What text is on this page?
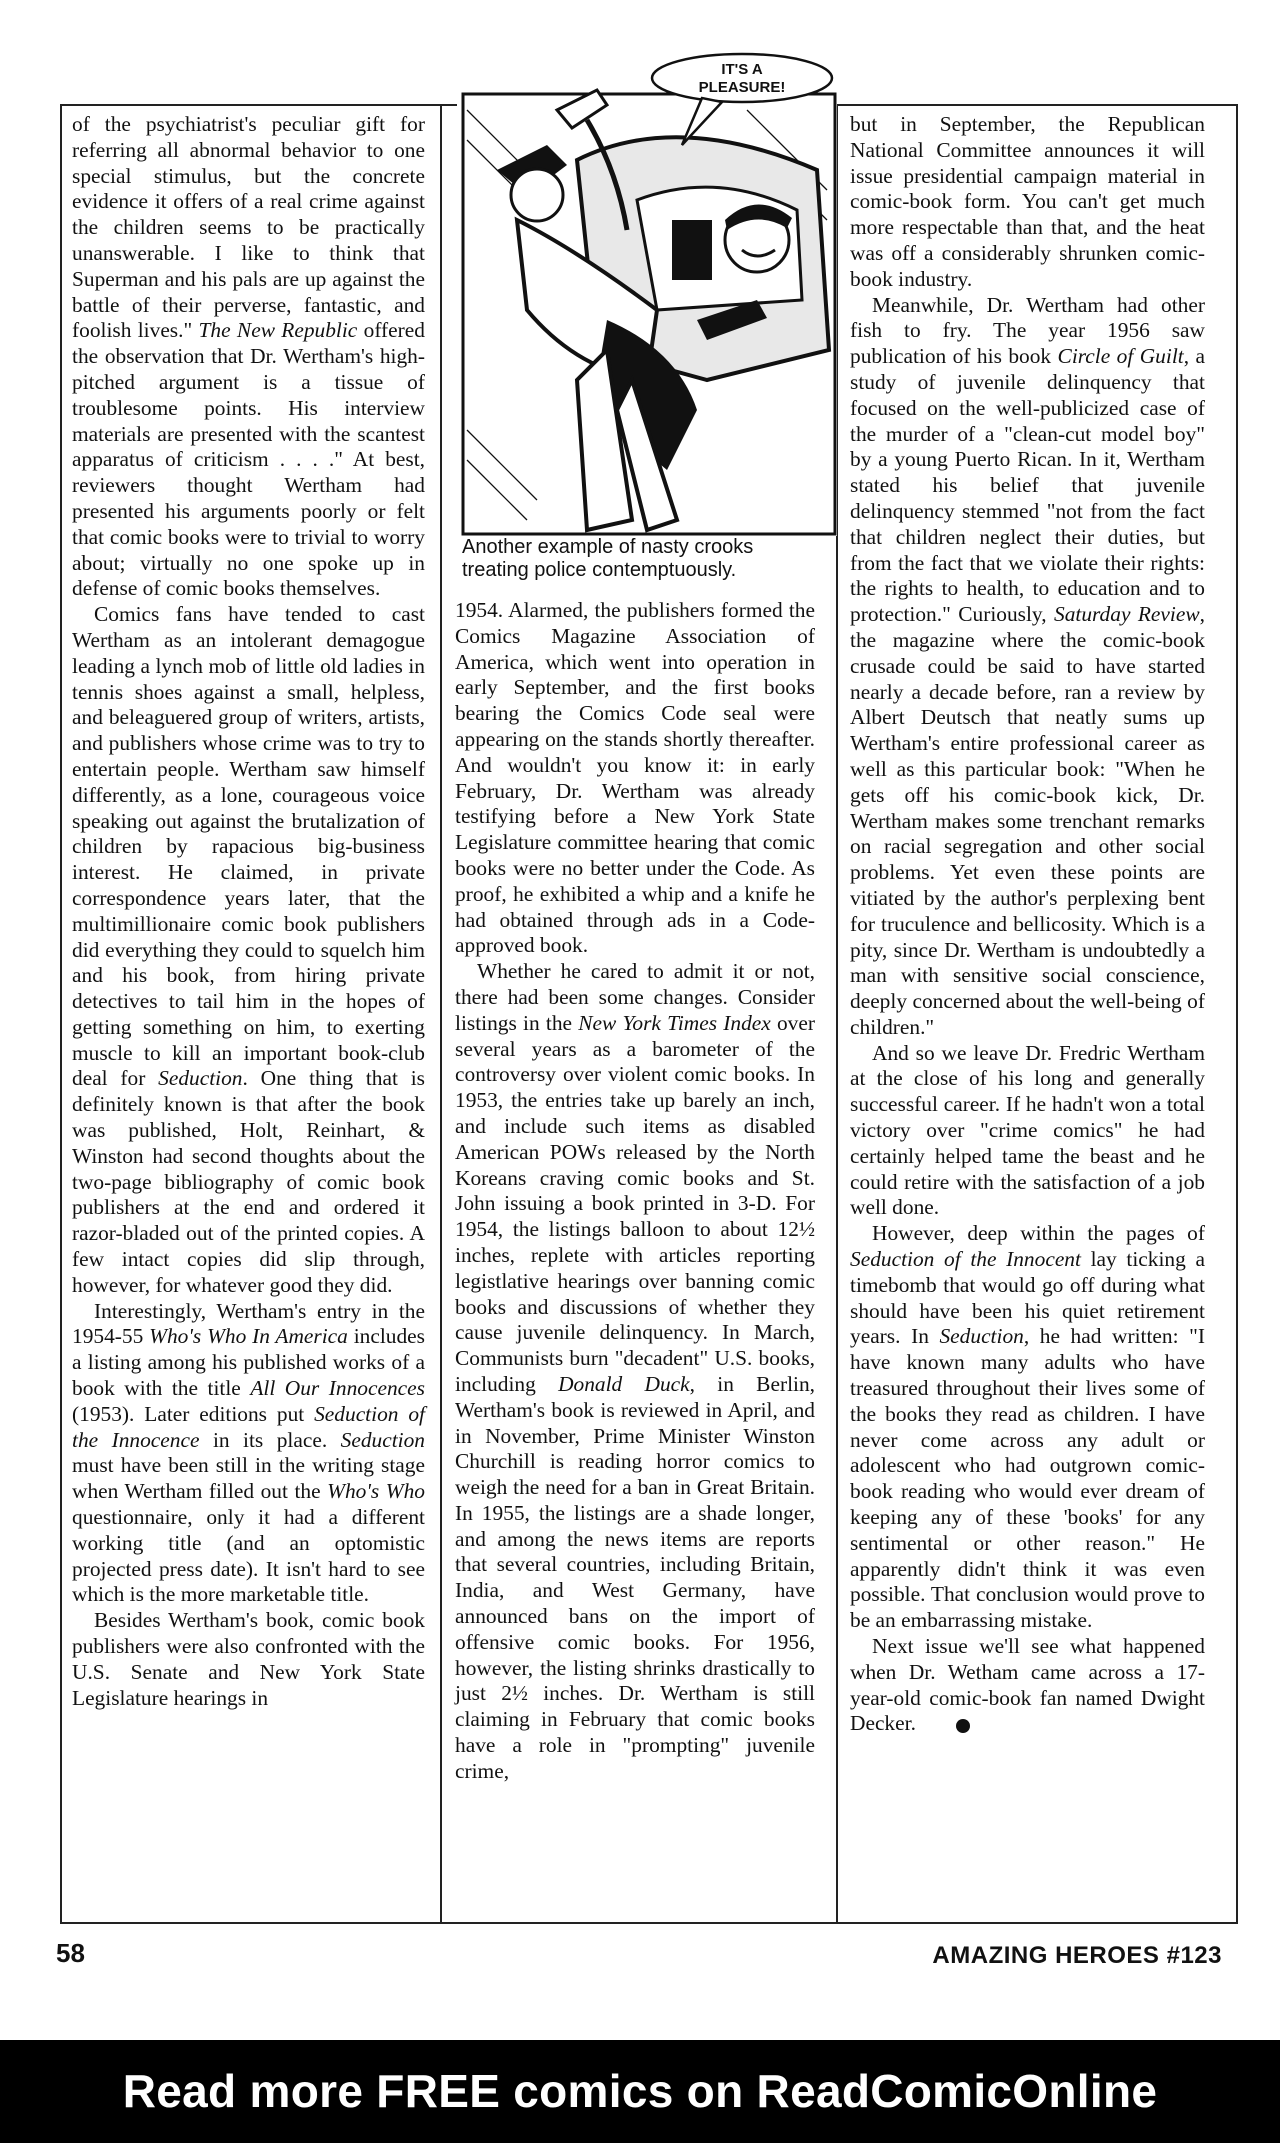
IT'S A
PLEASURE!
Another example of nasty crooks treating police contemptuously.

of the psychiatrist's peculiar gift for referring all abnormal behavior to one special stimulus, but the concrete evidence it offers of a real crime against the children seems to be practically unanswerable. I like to think that Superman and his pals are up against the battle of their perverse, fantastic, and foolish lives." The New Republic offered the observation that Dr. Wertham's high-pitched argument is a tissue of troublesome points. His interview materials are presented with the scantest apparatus of criticism . . . ." At best, reviewers thought Wertham had presented his arguments poorly or felt that comic books were to trivial to worry about; virtually no one spoke up in defense of comic books themselves.

Comics fans have tended to cast Wertham as an intolerant demagogue leading a lynch mob of little old ladies in tennis shoes against a small, helpless, and beleaguered group of writers, artists, and publishers whose crime was to try to entertain people. Wertham saw himself differently, as a lone, courageous voice speaking out against the brutalization of children by rapacious big-business interest. He claimed, in private correspondence years later, that the multimillionaire comic book publishers did everything they could to squelch him and his book, from hiring private detectives to tail him in the hopes of getting something on him, to exerting muscle to kill an important book-club deal for Seduction. One thing that is definitely known is that after the book was published, Holt, Reinhart, & Winston had second thoughts about the two-page bibliography of comic book publishers at the end and ordered it razor-bladed out of the printed copies. A few intact copies did slip through, however, for whatever good they did.

Interestingly, Wertham's entry in the 1954-55 Who's Who In America includes a listing among his published works of a book with the title All Our Innocences (1953). Later editions put Seduction of the Innocence in its place. Seduction must have been still in the writing stage when Wertham filled out the Who's Who questionnaire, only it had a different working title (and an optomistic projected press date). It isn't hard to see which is the more marketable title.

Besides Wertham's book, comic book publishers were also confronted with the U.S. Senate and New York State Legislature hearings in

1954. Alarmed, the publishers formed the Comics Magazine Association of America, which went into operation in early September, and the first books bearing the Comics Code seal were appearing on the stands shortly thereafter. And wouldn't you know it: in early February, Dr. Wertham was already testifying before a New York State Legislature committee hearing that comic books were no better under the Code. As proof, he exhibited a whip and a knife he had obtained through ads in a Code-approved book.

Whether he cared to admit it or not, there had been some changes. Consider listings in the New York Times Index over several years as a barometer of the controversy over violent comic books. In 1953, the entries take up barely an inch, and include such items as disabled American POWs released by the North Koreans craving comic books and St. John issuing a book printed in 3-D. For 1954, the listings balloon to about 12½ inches, replete with articles reporting legistlative hearings over banning comic books and discussions of whether they cause juvenile delinquency. In March, Communists burn "decadent" U.S. books, including Donald Duck, in Berlin, Wertham's book is reviewed in April, and in November, Prime Minister Winston Churchill is reading horror comics to weigh the need for a ban in Great Britain. In 1955, the listings are a shade longer, and among the news items are reports that several countries, including Britain, India, and West Germany, have announced bans on the import of offensive comic books. For 1956, however, the listing shrinks drastically to just 2½ inches. Dr. Wertham is still claiming in February that comic books have a role in "prompting" juvenile crime,

but in September, the Republican National Committee announces it will issue presidential campaign material in comic-book form. You can't get much more respectable than that, and the heat was off a considerably shrunken comic-book industry.

Meanwhile, Dr. Wertham had other fish to fry. The year 1956 saw publication of his book Circle of Guilt, a study of juvenile delinquency that focused on the well-publicized case of the murder of a "clean-cut model boy" by a young Puerto Rican. In it, Wertham stated his belief that juvenile delinquency stemmed "not from the fact that children neglect their duties, but from the fact that we violate their rights: the rights to health, to education and to protection." Curiously, Saturday Review, the magazine where the comic-book crusade could be said to have started nearly a decade before, ran a review by Albert Deutsch that neatly sums up Wertham's entire professional career as well as this particular book: "When he gets off his comic-book kick, Dr. Wertham makes some trenchant remarks on racial segregation and other social problems. Yet even these points are vitiated by the author's perplexing bent for truculence and bellicosity. Which is a pity, since Dr. Wertham is undoubtedly a man with sensitive social conscience, deeply concerned about the well-being of children."

And so we leave Dr. Fredric Wertham at the close of his long and generally successful career. If he hadn't won a total victory over "crime comics" he had certainly helped tame the beast and he could retire with the satisfaction of a job well done.

However, deep within the pages of Seduction of the Innocent lay ticking a timebomb that would go off during what should have been his quiet retirement years. In Seduction, he had written: "I have known many adults who have treasured throughout their lives some of the books they read as children. I have never come across any adult or adolescent who had outgrown comic-book reading who would ever dream of keeping any of these 'books' for any sentimental or other reason." He apparently didn't think it was even possible. That conclusion would prove to be an embarrassing mistake.

Next issue we'll see what happened when Dr. Wetham came across a 17-year-old comic-book fan named Dwight Decker.

58	AMAZING HEROES #123
Read more FREE comics on ReadComicOnline
